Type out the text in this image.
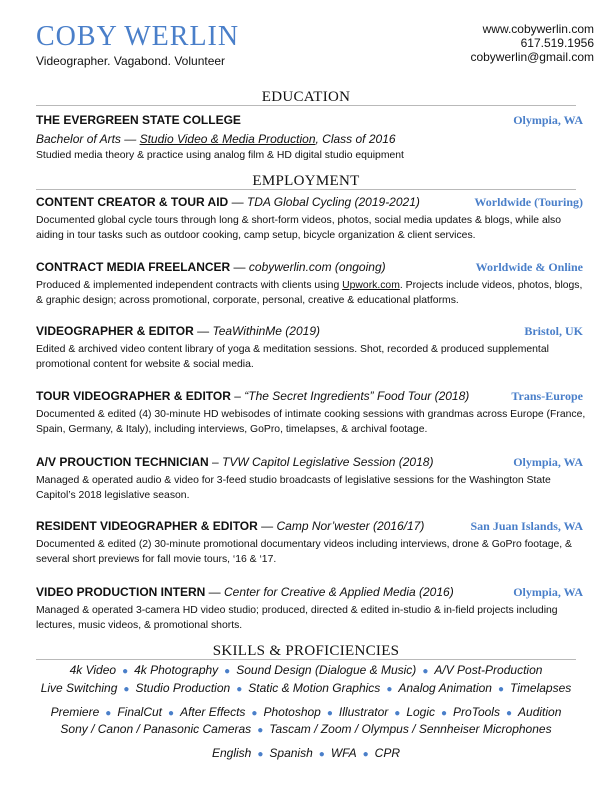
COBY WERLIN
Videographer. Vagabond. Volunteer
www.cobywerlin.com
617.519.1956
cobywerlin@gmail.com
EDUCATION
THE EVERGREEN STATE COLLEGE	Olympia, WA
Bachelor of Arts — Studio Video & Media Production, Class of 2016
Studied media theory & practice using analog film & HD digital studio equipment
EMPLOYMENT
CONTENT CREATOR & TOUR AID — TDA Global Cycling (2019-2021)	Worldwide (Touring)
Documented global cycle tours through long & short-form videos, photos, social media updates & blogs, while also aiding in tour tasks such as outdoor cooking, camp setup, bicycle organization & client services.
CONTRACT MEDIA FREELANCER — cobywerlin.com (ongoing)	Worldwide & Online
Produced & implemented independent contracts with clients using Upwork.com. Projects include videos, photos, blogs, & graphic design; across promotional, corporate, personal, creative & educational platforms.
VIDEOGRAPHER & EDITOR — TeaWithinMe (2019)	Bristol, UK
Edited & archived video content library of yoga & meditation sessions. Shot, recorded & produced supplemental promotional content for website & social media.
TOUR VIDEOGRAPHER & EDITOR – “The Secret Ingredients” Food Tour (2018)	Trans-Europe
Documented & edited (4) 30-minute HD webisodes of intimate cooking sessions with grandmas across Europe (France, Spain, Germany, & Italy), including interviews, GoPro, timelapses, & archival footage.
A/V PROUCTION TECHNICIAN – TVW Capitol Legislative Session (2018)	Olympia, WA
Managed & operated audio & video for 3-feed studio broadcasts of legislative sessions for the Washington State Capitol’s 2018 legislative season.
RESIDENT VIDEOGRAPHER & EDITOR — Camp Nor’wester (2016/17)	San Juan Islands, WA
Documented & edited (2) 30-minute promotional documentary videos including interviews, drone & GoPro footage, & several short previews for fall movie tours, ‘16 & ‘17.
VIDEO PRODUCTION INTERN — Center for Creative & Applied Media (2016)	Olympia, WA
Managed & operated 3-camera HD video studio; produced, directed & edited in-studio & in-field projects including lectures, music videos, & promotional shorts.
SKILLS & PROFICIENCIES
4k Video ● 4k Photography ● Sound Design (Dialogue & Music) ● A/V Post-Production
Live Switching ● Studio Production ● Static & Motion Graphics ● Analog Animation ● Timelapses
Premiere ● FinalCut ● After Effects ● Photoshop ● Illustrator ● Logic ● ProTools ● Audition
Sony / Canon / Panasonic Cameras ● Tascam / Zoom / Olympus / Sennheiser Microphones
English ● Spanish ● WFA ● CPR
